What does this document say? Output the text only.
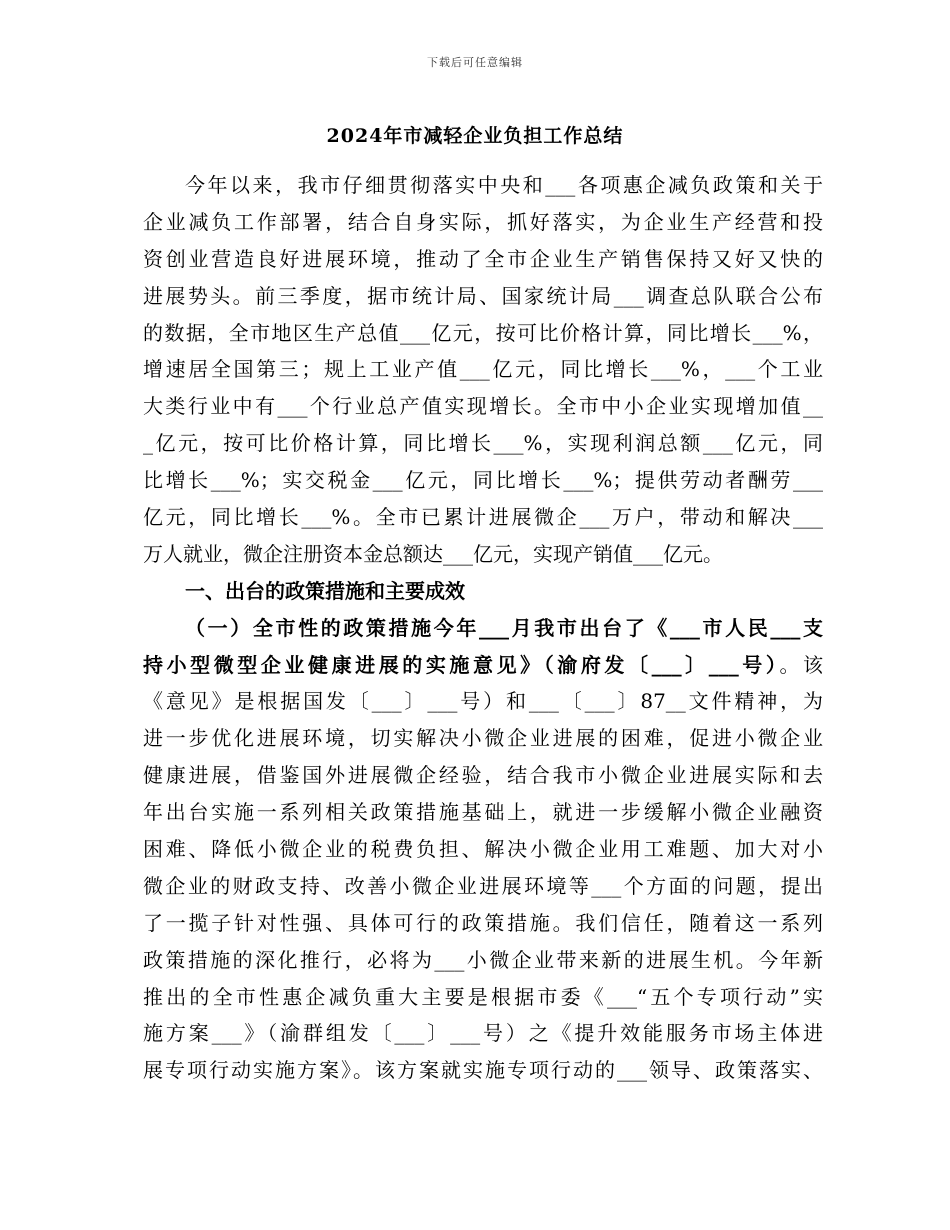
下载后可任意编辑
2024年市减轻企业负担工作总结
今年以来，我市仔细贯彻落实中央和___各项惠企减负政策和关于
企业减负工作部署，结合自身实际，抓好落实，为企业生产经营和投
资创业营造良好进展环境，推动了全市企业生产销售保持又好又快的
进展势头。前三季度，据市统计局、国家统计局___调查总队联合公布
的数据，全市地区生产总值___亿元，按可比价格计算，同比增长___%，
增速居全国第三；规上工业产值___亿元，同比增长___%，___个工业
大类行业中有___个行业总产值实现增长。全市中小企业实现增加值__
_亿元，按可比价格计算，同比增长___%，实现利润总额___亿元，同
比增长___%；实交税金___亿元，同比增长___%；提供劳动者酬劳___
亿元，同比增长___%。全市已累计进展微企___万户，带动和解决___
万人就业，微企注册资本金总额达___亿元，实现产销值___亿元。
一、出台的政策措施和主要成效
（一）全市性的政策措施今年___月我市出台了《___市人民___支
持小型微型企业健康进展的实施意见》（渝府发〔___〕___号）。该
《意见》是根据国发〔___〕___号）和___〔___〕87__文件精神，为
进一步优化进展环境，切实解决小微企业进展的困难，促进小微企业
健康进展，借鉴国外进展微企经验，结合我市小微企业进展实际和去
年出台实施一系列相关政策措施基础上，就进一步缓解小微企业融资
困难、降低小微企业的税费负担、解决小微企业用工难题、加大对小
微企业的财政支持、改善小微企业进展环境等___个方面的问题，提出
了一揽子针对性强、具体可行的政策措施。我们信任，随着这一系列
政策措施的深化推行，必将为___小微企业带来新的进展生机。今年新
推出的全市性惠企减负重大主要是根据市委《___“五个专项行动”实
施方案___》（渝群组发〔___〕___号）之《提升效能服务市场主体进
展专项行动实施方案》。该方案就实施专项行动的___领导、政策落实、
